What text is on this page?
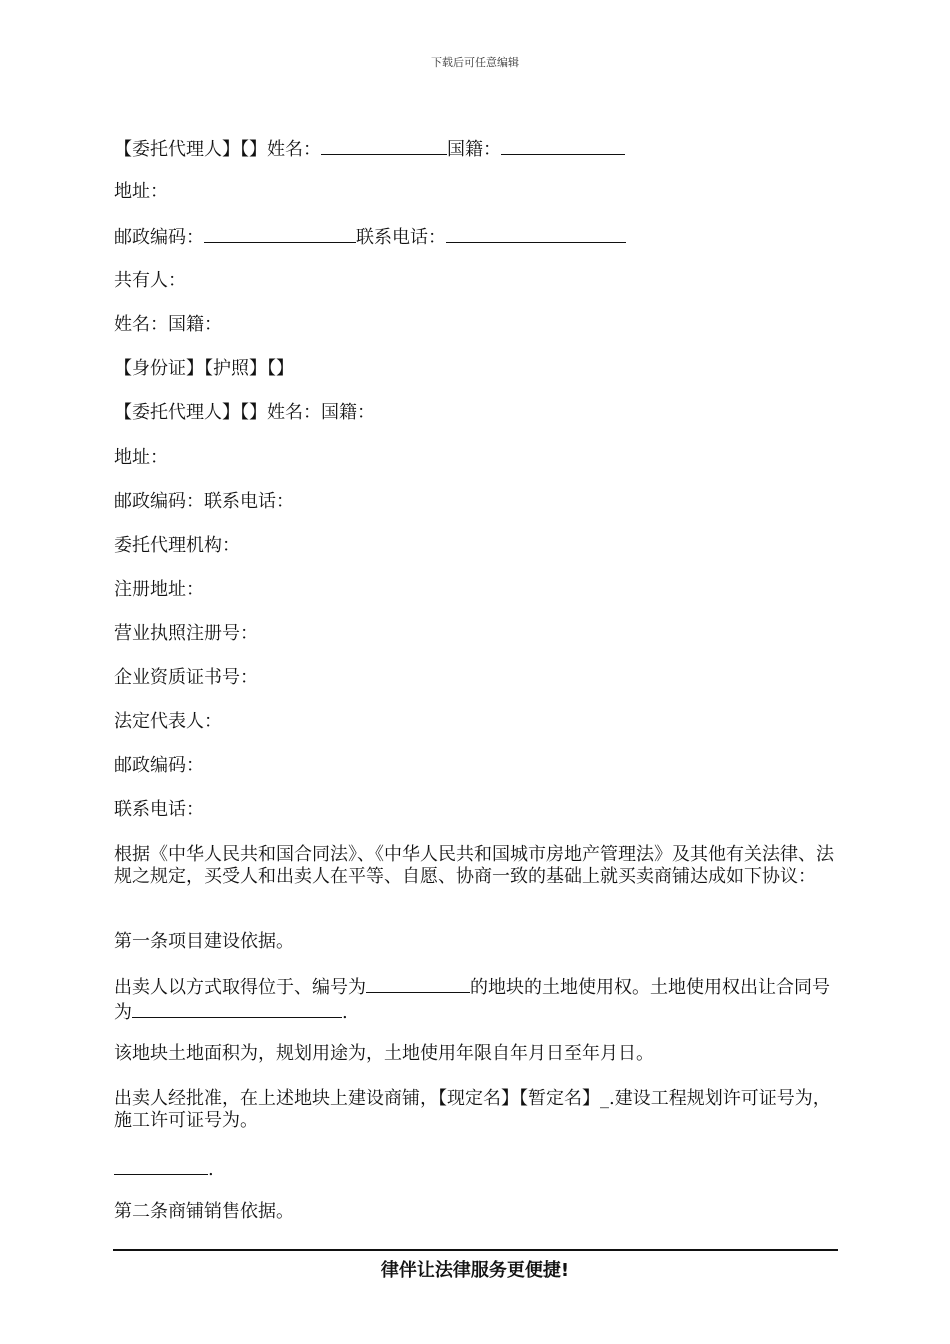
下载后可任意编辑

【委托代理人】【】姓名：	国籍：

地址：

邮政编码：	联系电话：

共有人：

姓名：国籍：

【身份证】【护照】【】

【委托代理人】【】姓名：国籍：

地址：

邮政编码：联系电话：

委托代理机构：

注册地址：

营业执照注册号：

企业资质证书号：

法定代表人：

邮政编码：

联系电话：

根据《中华人民共和国合同法》、《中华人民共和国城市房地产管理法》及其他有关法律、法规之规定，买受人和出卖人在平等、自愿、协商一致的基础上就买卖商铺达成如下协议：

第一条项目建设依据。

出卖人以方式取得位于、编号为	的地块的土地使用权。土地使用权出让合同号为	.

该地块土地面积为，规划用途为，土地使用年限自年月日至年月日。

出卖人经批准，在上述地块上建设商铺，【现定名】【暂定名】_.建设工程规划许可证号为，施工许可证号为。

.

第二条商铺销售依据。

律伴让法律服务更便捷!
